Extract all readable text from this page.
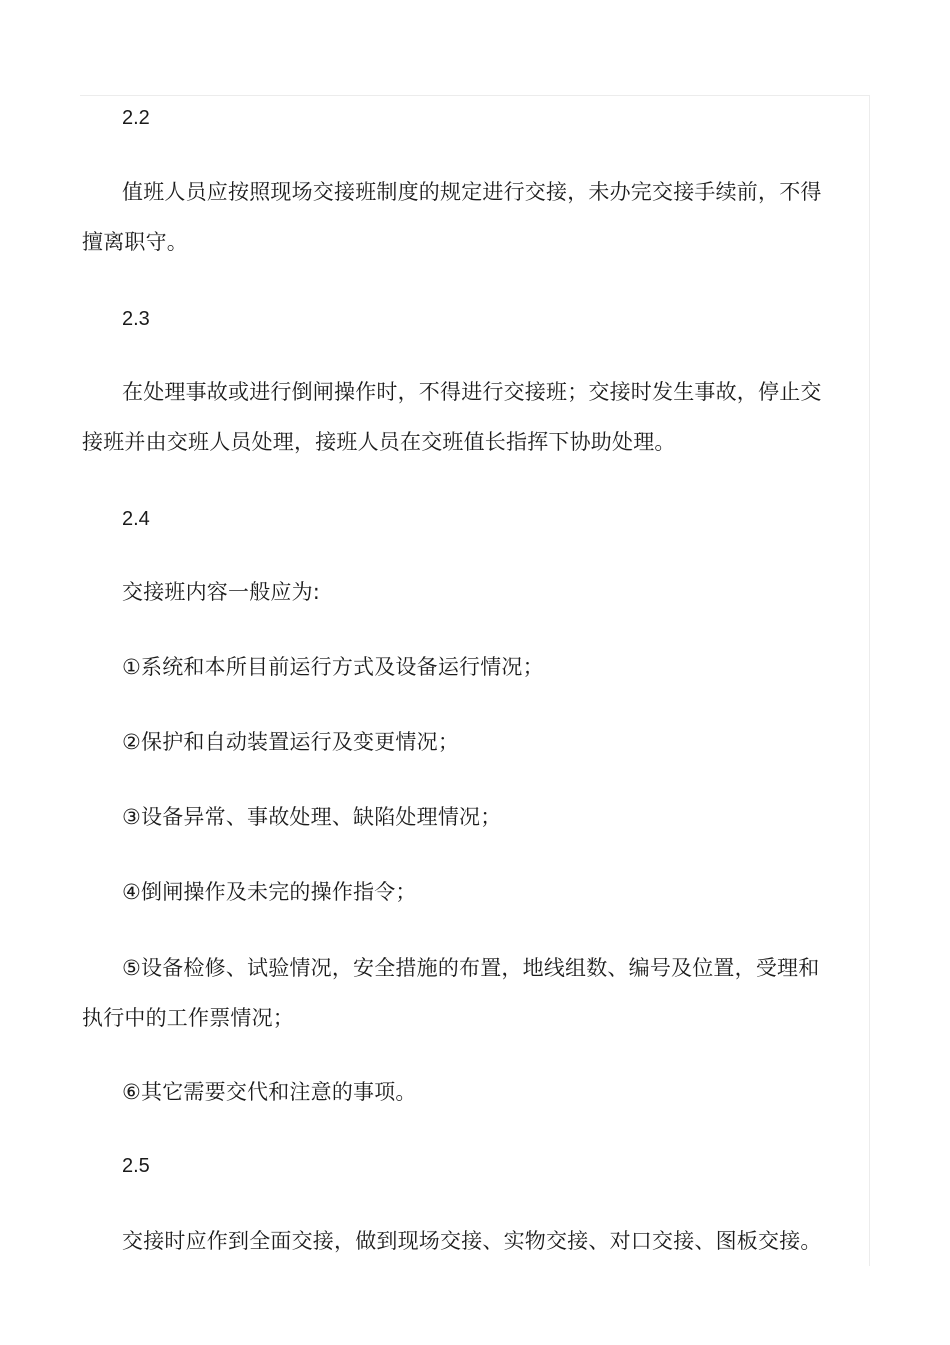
2.2

值班人员应按照现场交接班制度的规定进行交接，未办完交接手续前，不得擅离职守。

2.3

在处理事故或进行倒闸操作时，不得进行交接班；交接时发生事故，停止交接班并由交班人员处理，接班人员在交班值长指挥下协助处理。

2.4

交接班内容一般应为:

①系统和本所目前运行方式及设备运行情况；

②保护和自动装置运行及变更情况；

③设备异常、事故处理、缺陷处理情况；

④倒闸操作及未完的操作指令；

⑤设备检修、试验情况，安全措施的布置，地线组数、编号及位置，受理和执行中的工作票情况；

⑥其它需要交代和注意的事项。

2.5

交接时应作到全面交接，做到现场交接、实物交接、对口交接、图板交接。
